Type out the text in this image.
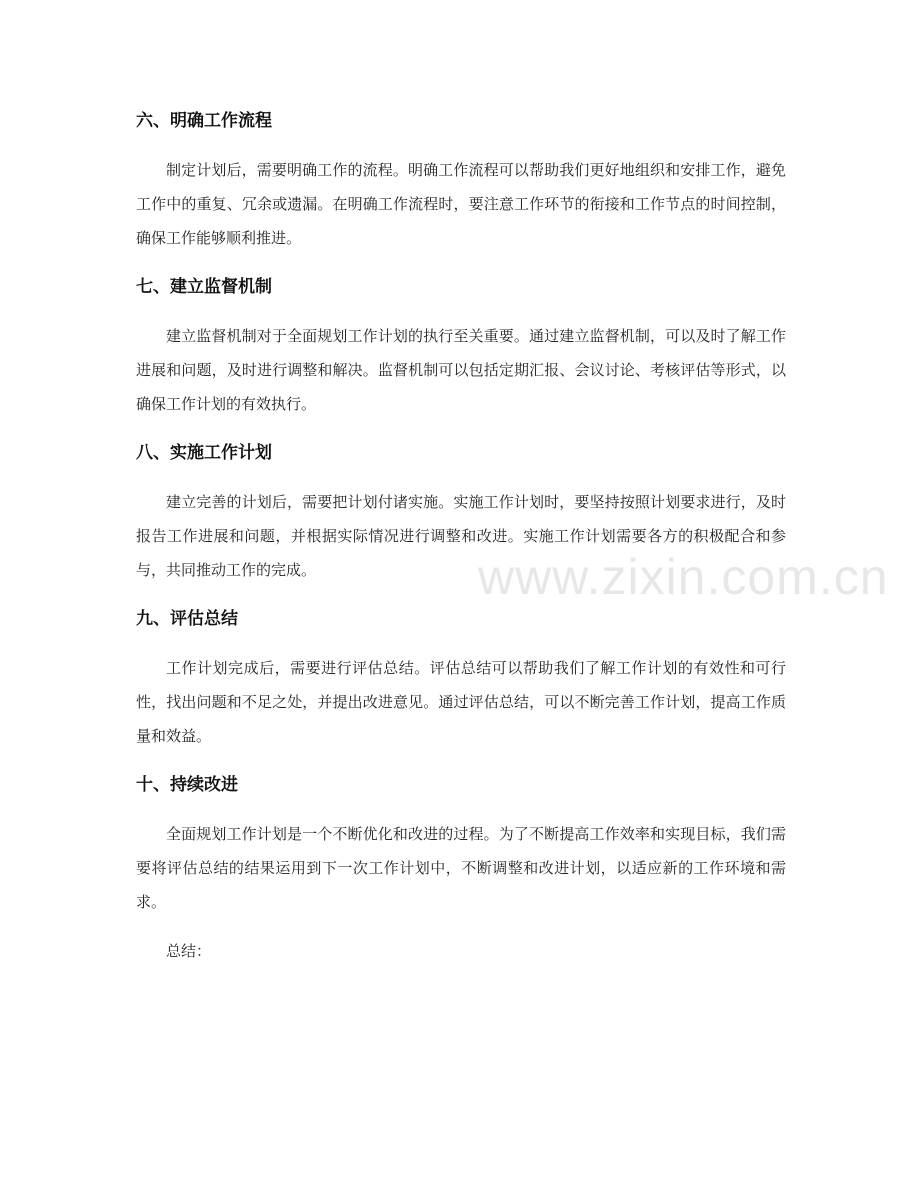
六、明确工作流程

制定计划后，需要明确工作的流程。明确工作流程可以帮助我们更好地组织和安排工作，避免工作中的重复、冗余或遗漏。在明确工作流程时，要注意工作环节的衔接和工作节点的时间控制，确保工作能够顺利推进。

七、建立监督机制

建立监督机制对于全面规划工作计划的执行至关重要。通过建立监督机制，可以及时了解工作进展和问题，及时进行调整和解决。监督机制可以包括定期汇报、会议讨论、考核评估等形式，以确保工作计划的有效执行。

八、实施工作计划

建立完善的计划后，需要把计划付诸实施。实施工作计划时，要坚持按照计划要求进行，及时报告工作进展和问题，并根据实际情况进行调整和改进。实施工作计划需要各方的积极配合和参与，共同推动工作的完成。

九、评估总结

工作计划完成后，需要进行评估总结。评估总结可以帮助我们了解工作计划的有效性和可行性，找出问题和不足之处，并提出改进意见。通过评估总结，可以不断完善工作计划，提高工作质量和效益。

十、持续改进

全面规划工作计划是一个不断优化和改进的过程。为了不断提高工作效率和实现目标，我们需要将评估总结的结果运用到下一次工作计划中，不断调整和改进计划，以适应新的工作环境和需求。

总结：

www.zixin.com.cn
